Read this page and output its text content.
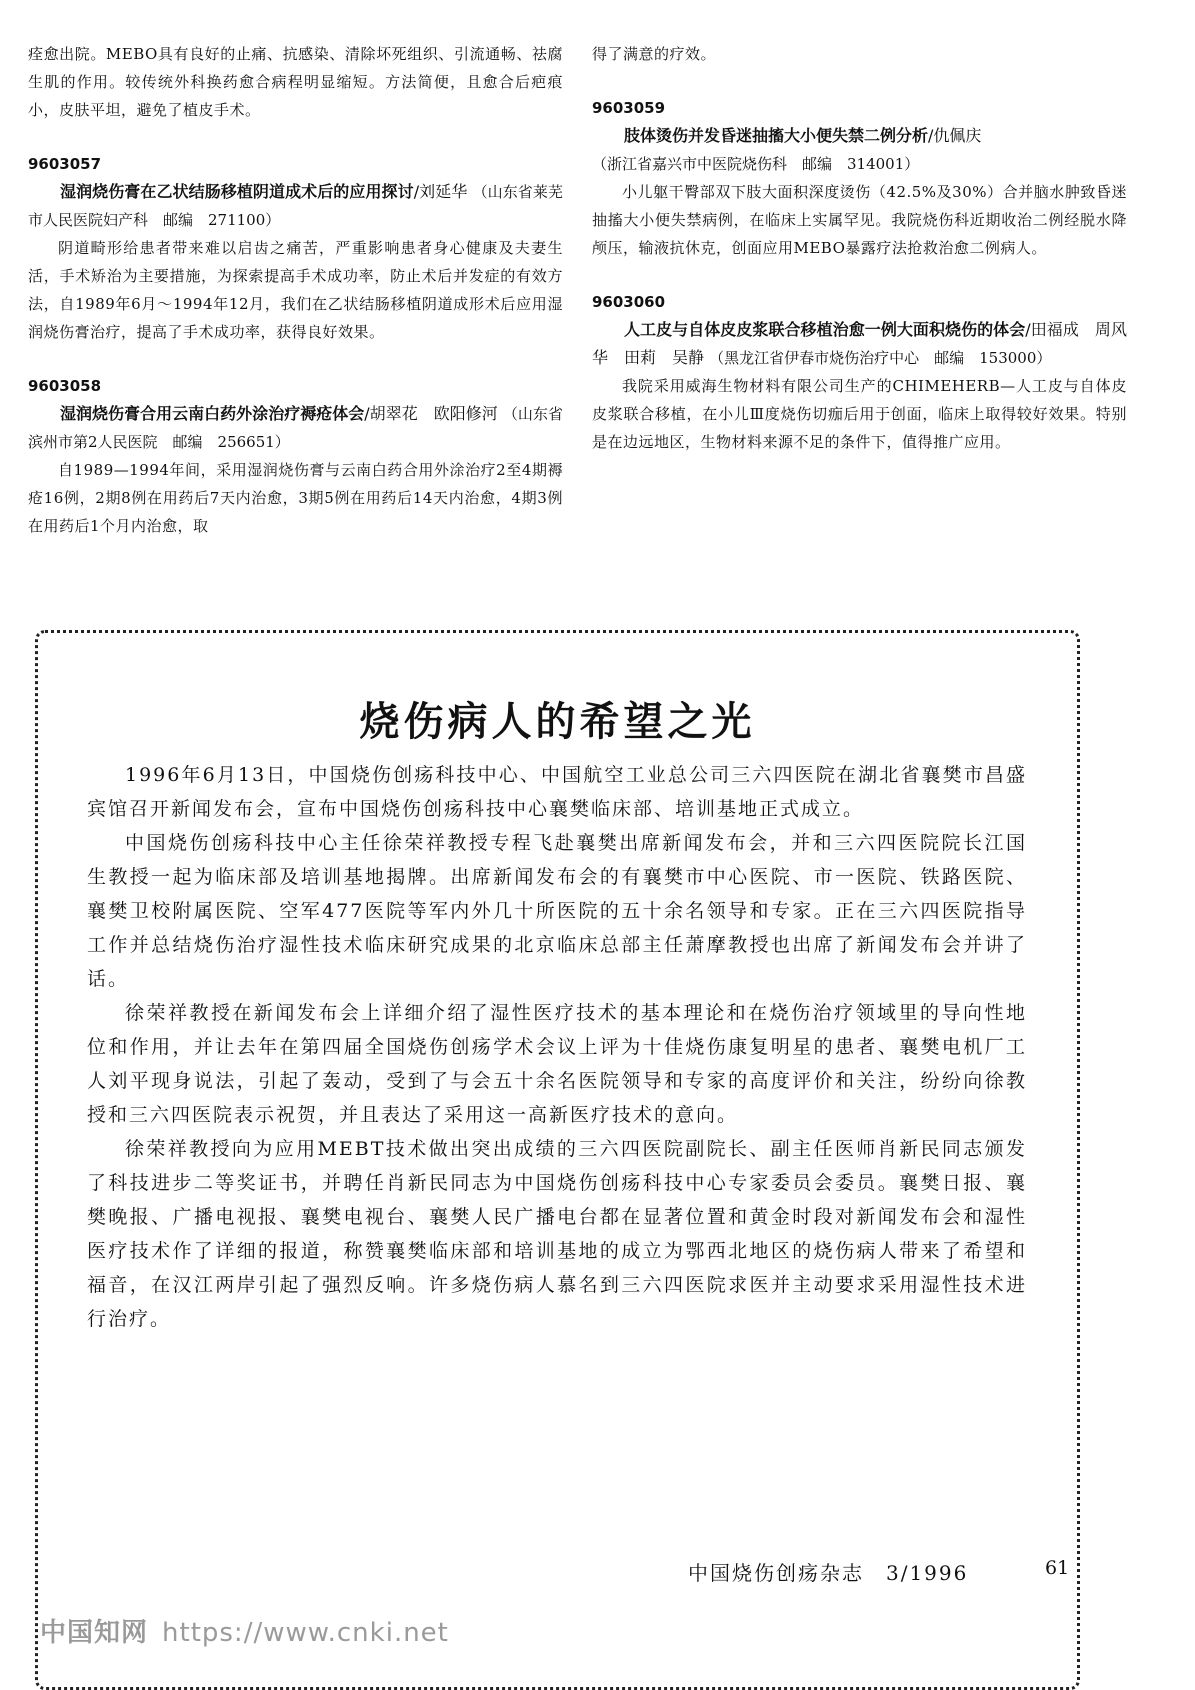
痊愈出院。MEBO具有良好的止痛、抗感染、清除坏死组织、引流通畅、祛腐生肌的作用。较传统外科换药愈合病程明显缩短。方法简便，且愈合后疤痕小，皮肤平坦，避免了植皮手术。

9603057

湿润烧伤膏在乙状结肠移植阴道成术后的应用探讨/刘延华 （山东省莱芜市人民医院妇产科　邮编　271100）

阴道畸形给患者带来难以启齿之痛苦，严重影响患者身心健康及夫妻生活，手术矫治为主要措施，为探索提高手术成功率，防止术后并发症的有效方法，自1989年6月～1994年12月，我们在乙状结肠移植阴道成形术后应用湿润烧伤膏治疗，提高了手术成功率，获得良好效果。

9603058

湿润烧伤膏合用云南白药外涂治疗褥疮体会/胡翠花　欧阳修河 （山东省滨州市第2人民医院　邮编　256651）

自1989—1994年间，采用湿润烧伤膏与云南白药合用外涂治疗2至4期褥疮16例，2期8例在用药后7天内治愈，3期5例在用药后14天内治愈，4期3例在用药后1个月内治愈，取

得了满意的疗效。

9603059

肢体烫伤并发昏迷抽搐大小便失禁二例分析/仇佩庆

（浙江省嘉兴市中医院烧伤科　邮编　314001）

小儿躯干臀部双下肢大面积深度烫伤（42.5%及30%）合并脑水肿致昏迷抽搐大小便失禁病例，在临床上实属罕见。我院烧伤科近期收治二例经脱水降颅压，输液抗休克，创面应用MEBO暴露疗法抢救治愈二例病人。

9603060

人工皮与自体皮皮浆联合移植治愈一例大面积烧伤的体会/田福成　周风华　田莉　吴静 （黑龙江省伊春市烧伤治疗中心　邮编　153000）

我院采用威海生物材料有限公司生产的CHIMEHERB—人工皮与自体皮皮浆联合移植，在小儿Ⅲ度烧伤切痂后用于创面，临床上取得较好效果。特别是在边远地区，生物材料来源不足的条件下，值得推广应用。

烧伤病人的希望之光

1996年6月13日，中国烧伤创疡科技中心、中国航空工业总公司三六四医院在湖北省襄樊市昌盛宾馆召开新闻发布会，宣布中国烧伤创疡科技中心襄樊临床部、培训基地正式成立。

中国烧伤创疡科技中心主任徐荣祥教授专程飞赴襄樊出席新闻发布会，并和三六四医院院长江国生教授一起为临床部及培训基地揭牌。出席新闻发布会的有襄樊市中心医院、市一医院、铁路医院、襄樊卫校附属医院、空军477医院等军内外几十所医院的五十余名领导和专家。正在三六四医院指导工作并总结烧伤治疗湿性技术临床研究成果的北京临床总部主任萧摩教授也出席了新闻发布会并讲了话。

徐荣祥教授在新闻发布会上详细介绍了湿性医疗技术的基本理论和在烧伤治疗领域里的导向性地位和作用，并让去年在第四届全国烧伤创疡学术会议上评为十佳烧伤康复明星的患者、襄樊电机厂工人刘平现身说法，引起了轰动，受到了与会五十余名医院领导和专家的高度评价和关注，纷纷向徐教授和三六四医院表示祝贺，并且表达了采用这一高新医疗技术的意向。

徐荣祥教授向为应用MEBT技术做出突出成绩的三六四医院副院长、副主任医师肖新民同志颁发了科技进步二等奖证书，并聘任肖新民同志为中国烧伤创疡科技中心专家委员会委员。襄樊日报、襄樊晚报、广播电视报、襄樊电视台、襄樊人民广播电台都在显著位置和黄金时段对新闻发布会和湿性医疗技术作了详细的报道，称赞襄樊临床部和培训基地的成立为鄂西北地区的烧伤病人带来了希望和福音，在汉江两岸引起了强烈反响。许多烧伤病人慕名到三六四医院求医并主动要求采用湿性技术进行治疗。

中国烧伤创疡杂志　3/1996	61
中国知网 https://www.cnki.net
